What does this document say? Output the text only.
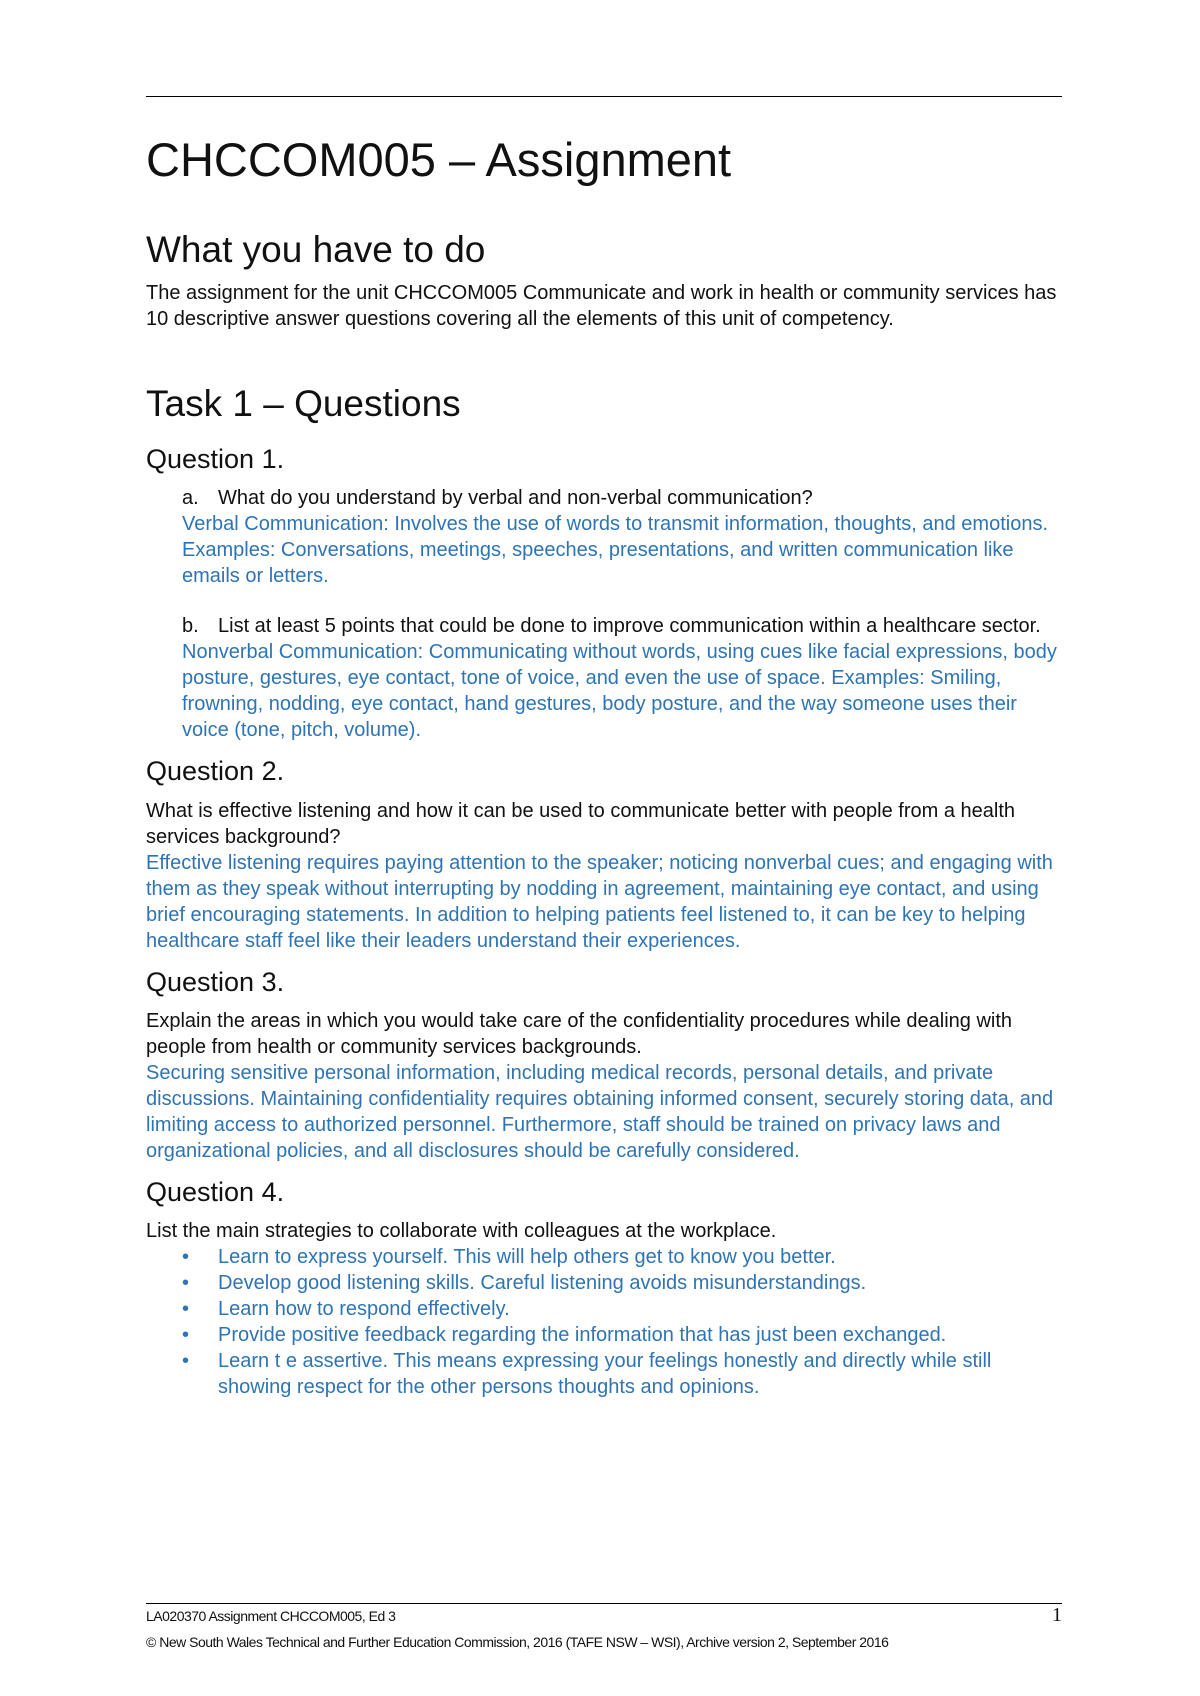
CHCCOM005 – Assignment
What you have to do

The assignment for the unit CHCCOM005 Communicate and work in health or community services has 10 descriptive answer questions covering all the elements of this unit of competency.

Task 1 – Questions
Question 1.
a. What do you understand by verbal and non-verbal communication?

Verbal Communication: Involves the use of words to transmit information, thoughts, and emotions. Examples: Conversations, meetings, speeches, presentations, and written communication like emails or letters.

b. List at least 5 points that could be done to improve communication within a healthcare sector.

Nonverbal Communication: Communicating without words, using cues like facial expressions, body posture, gestures, eye contact, tone of voice, and even the use of space. Examples: Smiling, frowning, nodding, eye contact, hand gestures, body posture, and the way someone uses their voice (tone, pitch, volume).

Question 2.

What is effective listening and how it can be used to communicate better with people from a health services background?

Effective listening requires paying attention to the speaker; noticing nonverbal cues; and engaging with them as they speak without interrupting by nodding in agreement, maintaining eye contact, and using brief encouraging statements. In addition to helping patients feel listened to, it can be key to helping healthcare staff feel like their leaders understand their experiences.

Question 3.

Explain the areas in which you would take care of the confidentiality procedures while dealing with people from health or community services backgrounds.

Securing sensitive personal information, including medical records, personal details, and private discussions. Maintaining confidentiality requires obtaining informed consent, securely storing data, and limiting access to authorized personnel. Furthermore, staff should be trained on privacy laws and organizational policies, and all disclosures should be carefully considered.

Question 4.

List the main strategies to collaborate with colleagues at the workplace.

• Learn to express yourself. This will help others get to know you better.
• Develop good listening skills. Careful listening avoids misunderstandings.
• Learn how to respond effectively.
• Provide positive feedback regarding the information that has just been exchanged.
• Learn t e assertive. This means expressing your feelings honestly and directly while still showing respect for the other persons thoughts and opinions.
LA020370 Assignment CHCCOM005, Ed 3	1
© New South Wales Technical and Further Education Commission, 2016 (TAFE NSW – WSI), Archive version 2, September 2016
